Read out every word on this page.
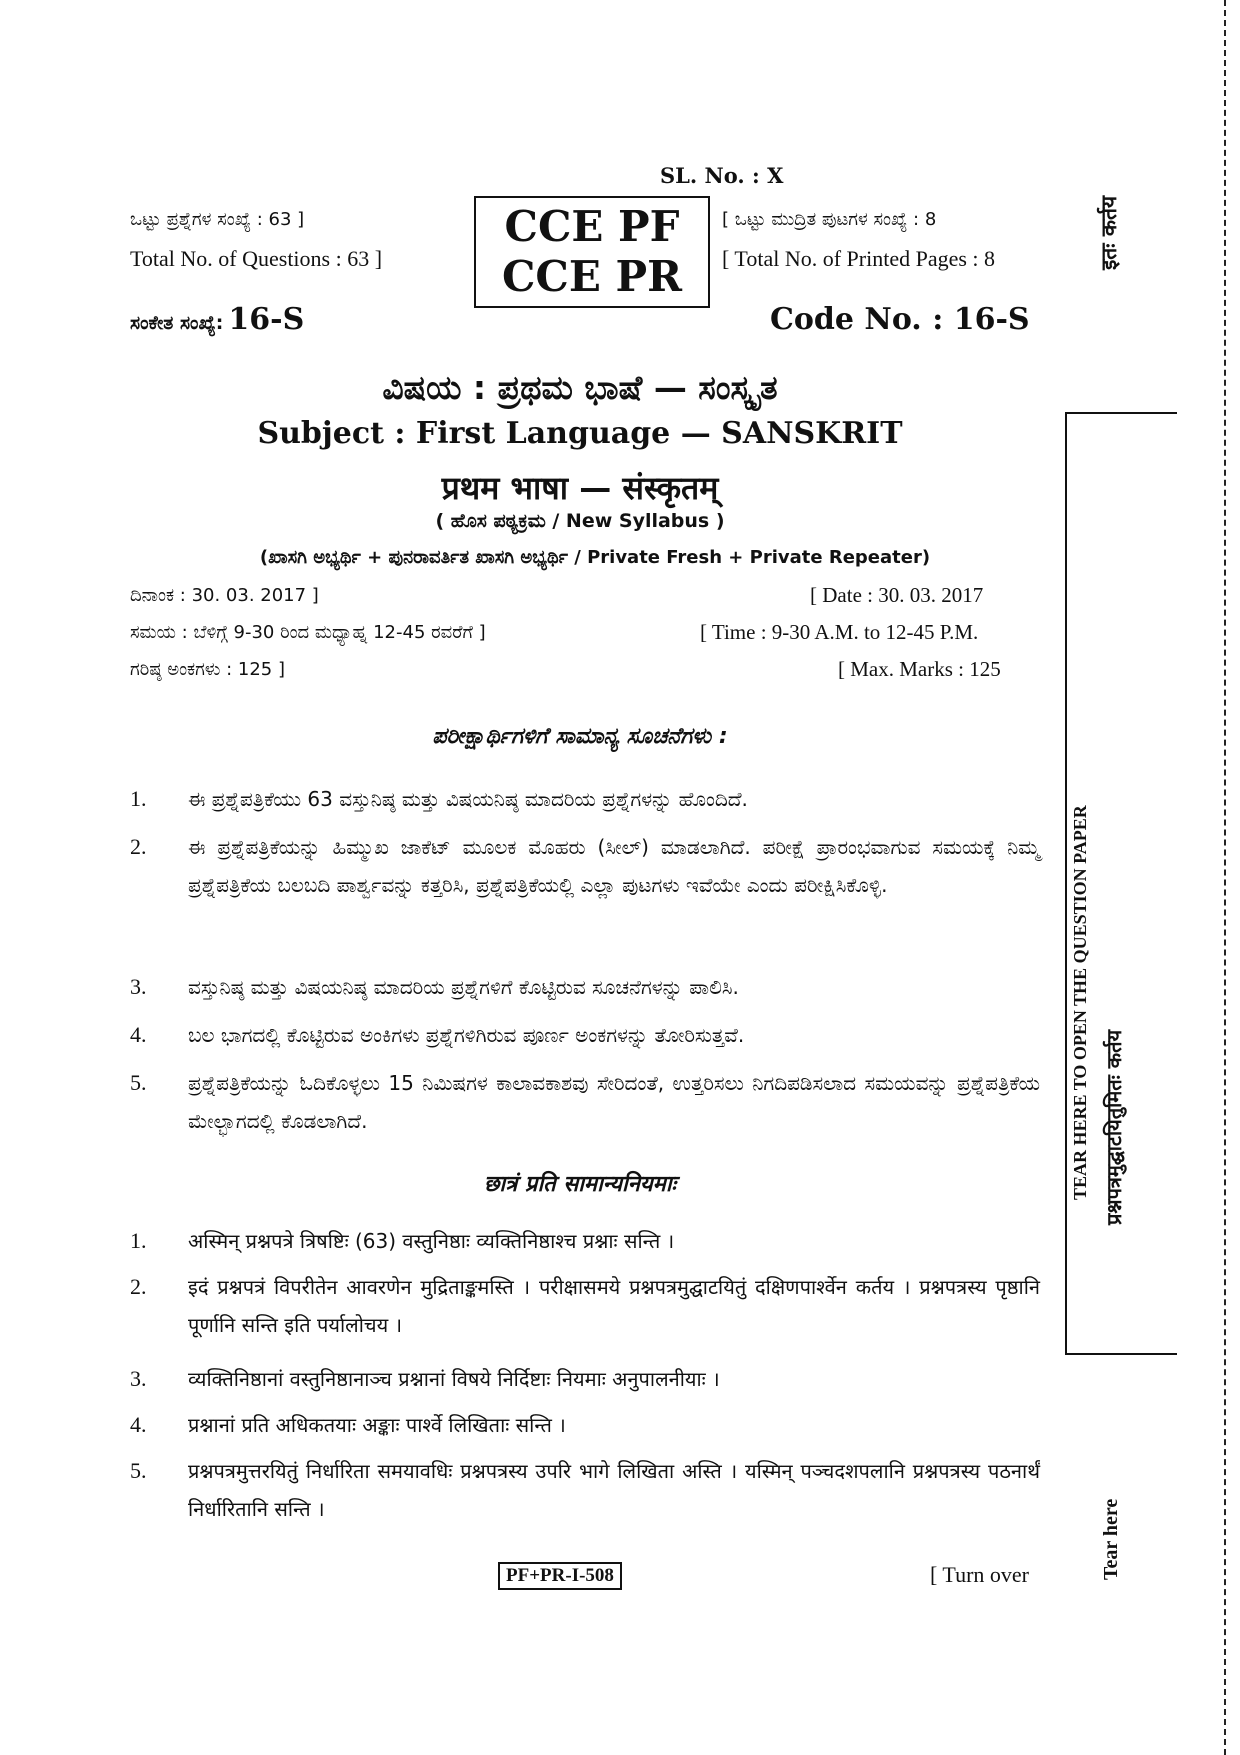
SL. No. : X
ಒಟ್ಟು ಪ್ರಶ್ನೆಗಳ ಸಂಖ್ಯೆ : 63 ]
Total No. of Questions : 63 ]
CCE PF
CCE PR
[ ಒಟ್ಟು ಮುದ್ರಿತ ಪುಟಗಳ ಸಂಖ್ಯೆ : 8
[ Total No. of Printed Pages : 8
ಸಂಕೇತ ಸಂಖ್ಯೆ: 16-S	Code No. : 16-S
ವಿಷಯ : ಪ್ರಥಮ ಭಾಷೆ — ಸಂಸ್ಕೃತ
Subject : First Language — SANSKRIT
प्रथम भाषा — संस्कृतम्
( ಹೊಸ ಪಠ್ಯಕ್ರಮ / New Syllabus )
(ಖಾಸಗಿ ಅಭ್ಯರ್ಥಿ + ಪುನರಾವರ್ತಿತ ಖಾಸಗಿ ಅಭ್ಯರ್ಥಿ / Private Fresh + Private Repeater)
ದಿನಾಂಕ : 30. 03. 2017 ]	[ Date : 30. 03. 2017
ಸಮಯ : ಬೆಳಿಗ್ಗೆ 9-30 ರಿಂದ ಮಧ್ಯಾಹ್ನ 12-45 ರವರೆಗೆ ]	[ Time : 9-30 A.M. to 12-45 P.M.
ಗರಿಷ್ಠ ಅಂಕಗಳು : 125 ]	[ Max. Marks : 125
ಪರೀಕ್ಷಾರ್ಥಿಗಳಿಗೆ ಸಾಮಾನ್ಯ ಸೂಚನೆಗಳು :
1. ಈ ಪ್ರಶ್ನೆಪತ್ರಿಕೆಯು 63 ವಸ್ತುನಿಷ್ಠ ಮತ್ತು ವಿಷಯನಿಷ್ಠ ಮಾದರಿಯ ಪ್ರಶ್ನೆಗಳನ್ನು ಹೊಂದಿದೆ.
2. ಈ ಪ್ರಶ್ನೆಪತ್ರಿಕೆಯನ್ನು ಹಿಮ್ಮುಖ ಜಾಕೆಟ್ ಮೂಲಕ ಮೊಹರು (ಸೀಲ್) ಮಾಡಲಾಗಿದೆ. ಪರೀಕ್ಷೆ ಪ್ರಾರಂಭವಾಗುವ ಸಮಯಕ್ಕೆ ನಿಮ್ಮ ಪ್ರಶ್ನೆಪತ್ರಿಕೆಯ ಬಲಬದಿ ಪಾರ್ಶ್ವವನ್ನು ಕತ್ತರಿಸಿ, ಪ್ರಶ್ನೆಪತ್ರಿಕೆಯಲ್ಲಿ ಎಲ್ಲಾ ಪುಟಗಳು ಇವೆಯೇ ಎಂದು ಪರೀಕ್ಷಿಸಿಕೊಳ್ಳಿ.
3. ವಸ್ತುನಿಷ್ಠ ಮತ್ತು ವಿಷಯನಿಷ್ಠ ಮಾದರಿಯ ಪ್ರಶ್ನೆಗಳಿಗೆ ಕೊಟ್ಟಿರುವ ಸೂಚನೆಗಳನ್ನು ಪಾಲಿಸಿ.
4. ಬಲ ಭಾಗದಲ್ಲಿ ಕೊಟ್ಟಿರುವ ಅಂಕಿಗಳು ಪ್ರಶ್ನೆಗಳಿಗಿರುವ ಪೂರ್ಣ ಅಂಕಗಳನ್ನು ತೋರಿಸುತ್ತವೆ.
5. ಪ್ರಶ್ನೆಪತ್ರಿಕೆಯನ್ನು ಓದಿಕೊಳ್ಳಲು 15 ನಿಮಿಷಗಳ ಕಾಲಾವಕಾಶವು ಸೇರಿದಂತೆ, ಉತ್ತರಿಸಲು ನಿಗದಿಪಡಿಸಲಾದ ಸಮಯವನ್ನು ಪ್ರಶ್ನೆಪತ್ರಿಕೆಯ ಮೇಲ್ಭಾಗದಲ್ಲಿ ಕೊಡಲಾಗಿದೆ.
छात्रं प्रति सामान्यनियमाः
1. अस्मिन् प्रश्नपत्रे त्रिषष्टिः (63) वस्तुनिष्ठाः व्यक्तिनिष्ठाश्च प्रश्नाः सन्ति ।
2. इदं प्रश्नपत्रं विपरीतेन आवरणेन मुद्रिताङ्कमस्ति । परीक्षासमये प्रश्नपत्रमुद्घाटयितुं दक्षिणपार्श्वेन कर्तय । प्रश्नपत्रस्य पृष्ठानि पूर्णानि सन्ति इति पर्यालोचय ।
3. व्यक्तिनिष्ठानां वस्तुनिष्ठानाञ्च प्रश्नानां विषये निर्दिष्टाः नियमाः अनुपालनीयाः ।
4. प्रश्नानां प्रति अधिकतयाः अङ्काः पार्श्वे लिखिताः सन्ति ।
5. प्रश्नपत्रमुत्तरयितुं निर्धारिता समयावधिः प्रश्नपत्रस्य उपरि भागे लिखिता अस्ति । यस्मिन् पञ्चदशपलानि प्रश्नपत्रस्य पठनार्थं निर्धारितानि सन्ति ।
PF+PR-I-508	[ Turn over
इतः कर्तय
TEAR HERE TO OPEN THE QUESTION PAPER प्रश्नपत्रमुद्घाटयितुमितः कर्तय
Tear here
